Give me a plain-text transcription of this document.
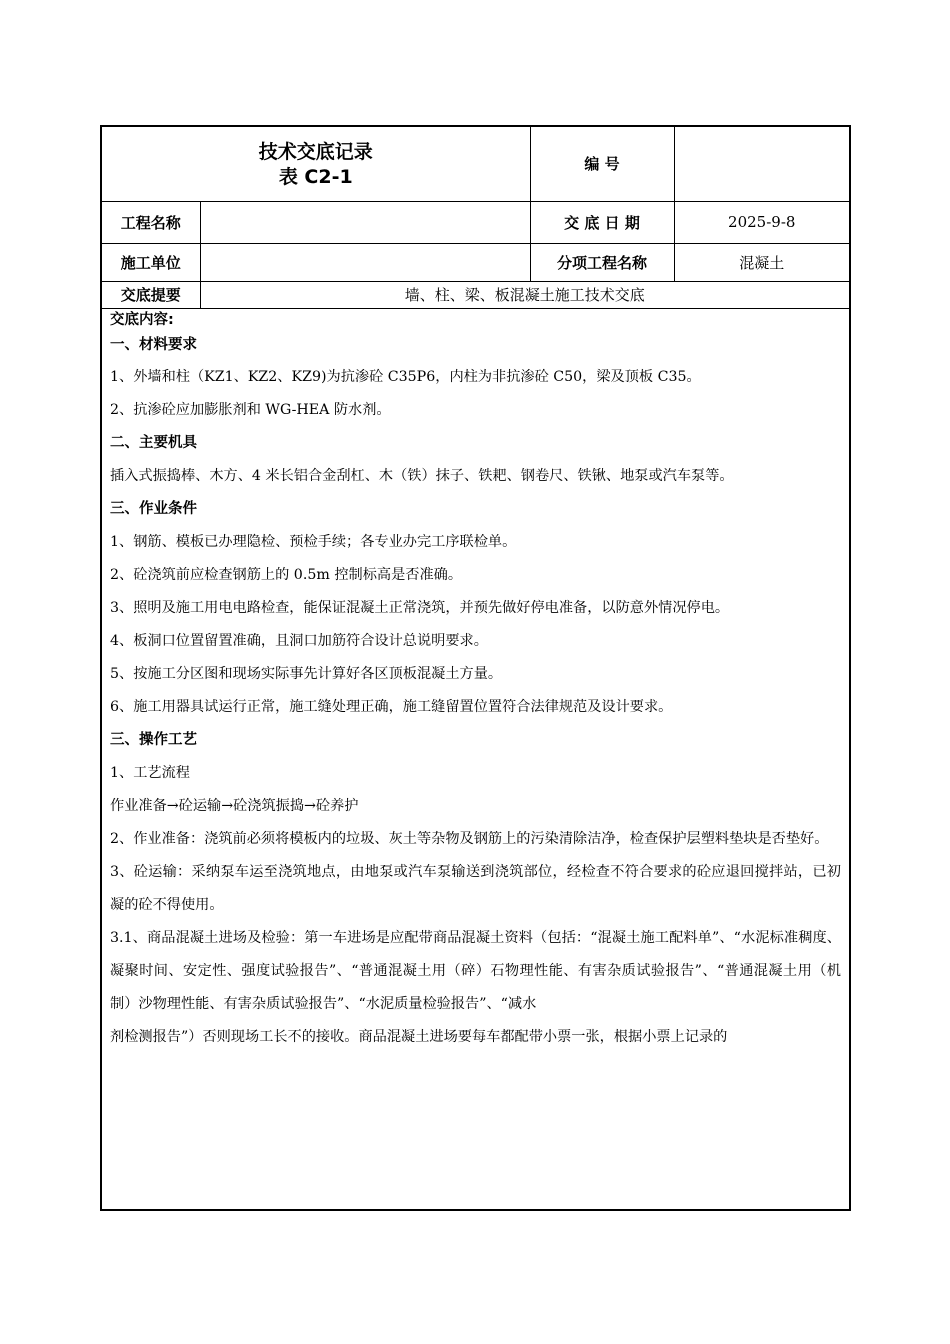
技术交底记录
表 C2-1		编 号	
工程名称		交 底 日 期	2025-9-8
施工单位		分项工程名称	混凝土
交底提要	墙、柱、梁、板混凝土施工技术交底		

交底内容:

一、材料要求

1、外墙和柱（KZ1、KZ2、KZ9)为抗渗砼 C35P6，内柱为非抗渗砼 C50，梁及顶板 C35。

2、抗渗砼应加膨胀剂和 WG-HEA 防水剂。

二、主要机具

插入式振捣棒、木方、4 米长铝合金刮杠、木（铁）抹子、铁耙、钢卷尺、铁锹、地泵或汽车泵等。

三、作业条件

1、钢筋、模板已办理隐检、预检手续；各专业办完工序联检单。

2、砼浇筑前应检查钢筋上的 0.5m 控制标高是否准确。

3、照明及施工用电电路检查，能保证混凝土正常浇筑，并预先做好停电准备，以防意外情况停电。

4、板洞口位置留置准确，且洞口加筋符合设计总说明要求。

5、按施工分区图和现场实际事先计算好各区顶板混凝土方量。

6、施工用器具试运行正常，施工缝处理正确，施工缝留置位置符合法律规范及设计要求。

三、操作工艺

1、工艺流程

作业准备→砼运输→砼浇筑振捣→砼养护

2、作业准备：浇筑前必须将模板内的垃圾、灰土等杂物及钢筋上的污染清除洁净，检查保护层塑料垫块是否垫好。

3、砼运输：采纳泵车运至浇筑地点，由地泵或汽车泵输送到浇筑部位，经检查不符合要求的砼应退回搅拌站，已初凝的砼不得使用。

3.1、商品混凝土进场及检验：第一车进场是应配带商品混凝土资料（包括：“混凝土施工配料单”、“水泥标准稠度、凝聚时间、安定性、强度试验报告”、“普通混凝土用（碎）石物理性能、有害杂质试验报告”、“普通混凝土用（机制）沙物理性能、有害杂质试验报告”、“水泥质量检验报告”、“减水

剂检测报告”）否则现场工长不的接收。商品混凝土进场要每车都配带小票一张，根据小票上记录的
